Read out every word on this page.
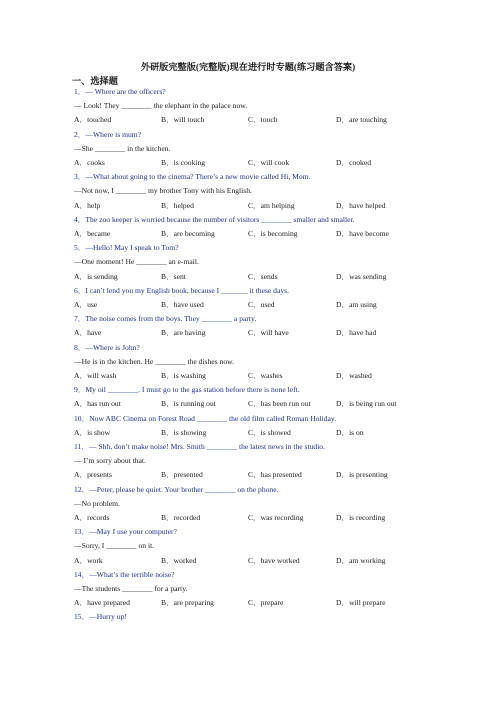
外研版完整版(完整版)现在进行时专题(练习题含答案)
一、选择题
1．— Where are the officers?
— Look! They ________ the elephant in the palace now.
A．touched	B．will touch	C．touch	D．are touching
2．—Where is mum?
—She ________ in the kitchen.
A．cooks	B．is cooking	C．will cook	D．cooked
3．—What about going to the cinema? There’s a new movie called Hi, Mom.
—Not now, I ________ my brother Tony with his English.
A．help	B．helped	C．am helping	D．have helped
4．The zoo keeper is worried because the number of visitors ________ smaller and smaller.
A．became	B．are becoming	C．is becoming	D．have become
5．—Hello! May I speak to Tom?
—One moment! He ________ an e-mail.
A．is sending	B．sent	C．sends	D．was sending
6．I can’t lend you my English book, because I _______ it these days.
A．use	B．have used	C．used	D．am using
7．The noise comes from the boys. They ________ a party.
A．have	B．are having	C．will have	D．have had
8．—Where is John?
—He is in the kitchen. He ________ the dishes now.
A．will wash	B．is washing	C．washes	D．washed
9．My oil ________. I must go to the gas station before there is none left.
A．has run out	B．is running out	C．has been run out	D．is being run out
10．Now ABC Cinema on Forest Road ________ the old film called Roman Holiday.
A．is show	B．is showing	C．is showed	D．is on
11．— Shh, don’t make noise! Mrs. Smith ________ the latest news in the studio.
— I’m sorry about that.
A．presents	B．presented	C．has presented	D．is presenting
12．—Peter, please be quiet. Your brother ________ on the phone.
—No problem.
A．records	B．recorded	C．was recording	D．is recording
13．—May I use your computer?
—Sorry, I ________ on it.
A．work	B．worked	C．have worked	D．am working
14．—What’s the terrible noise?
—The students ________ for a party.
A．have prepared	B．are preparing	C．prepare	D．will prepare
15．—Hurry up!
